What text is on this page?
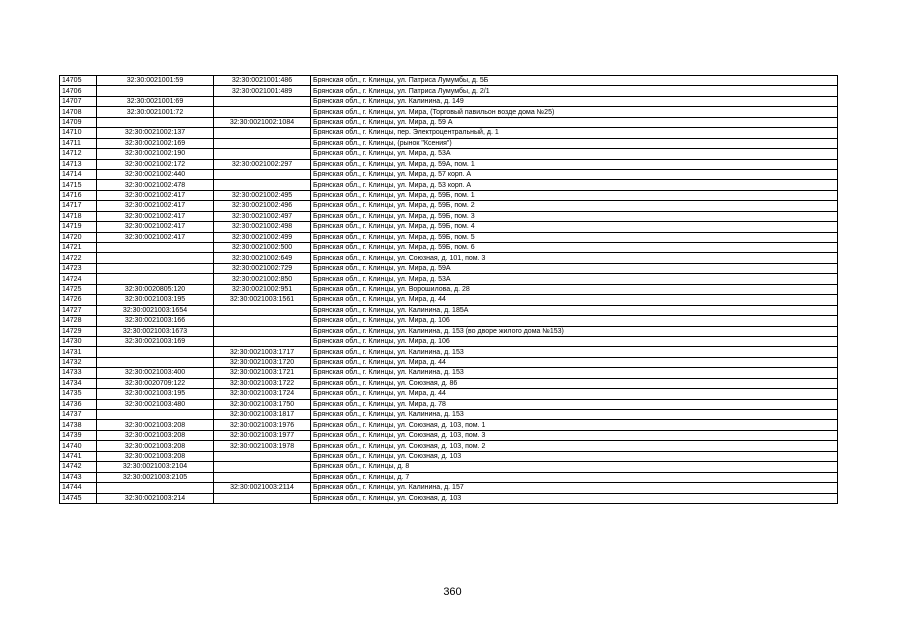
14705	32:30:0021001:59	32:30:0021001:486	Брянская обл., г. Клинцы, ул. Патриса Лумумбы, д. 5Б
14706		32:30:0021001:489	Брянская обл., г. Клинцы, ул. Патриса Лумумбы, д. 2/1
14707	32:30:0021001:69		Брянская обл., г. Клинцы, ул. Калинина, д. 149
14708	32:30:0021001:72		Брянская обл., г. Клинцы, ул. Мира, (Торговый павильон возде дома №25)
14709		32:30:0021002:1084	Брянская обл., г. Клинцы, ул. Мира, д. 59 А
14710	32:30:0021002:137		Брянская обл., г. Клинцы, пер. Электроцентральный, д. 1
14711	32:30:0021002:169		Брянская обл., г. Клинцы, (рынок "Ксения")
14712	32:30:0021002:190		Брянская обл., г. Клинцы, ул. Мира, д. 53А
14713	32:30:0021002:172	32:30:0021002:297	Брянская обл., г. Клинцы, ул. Мира, д. 59А, пом. 1
14714	32:30:0021002:440		Брянская обл., г. Клинцы, ул. Мира, д. 57 корп. А
14715	32:30:0021002:478		Брянская обл., г. Клинцы, ул. Мира, д. 53 корп. А
14716	32:30:0021002:417	32:30:0021002:495	Брянская обл., г. Клинцы, ул. Мира, д. 59Б, пом. 1
14717	32:30:0021002:417	32:30:0021002:496	Брянская обл., г. Клинцы, ул. Мира, д. 59Б, пом. 2
14718	32:30:0021002:417	32:30:0021002:497	Брянская обл., г. Клинцы, ул. Мира, д. 59Б, пом. 3
14719	32:30:0021002:417	32:30:0021002:498	Брянская обл., г. Клинцы, ул. Мира, д. 59Б, пом. 4
14720	32:30:0021002:417	32:30:0021002:499	Брянская обл., г. Клинцы, ул. Мира, д. 59Б, пом. 5
14721		32:30:0021002:500	Брянская обл., г. Клинцы, ул. Мира, д. 59Б, пом. 6
14722		32:30:0021002:649	Брянская обл., г. Клинцы, ул. Союзная, д. 101, пом. 3
14723		32:30:0021002:729	Брянская обл., г. Клинцы, ул. Мира, д. 59А
14724		32:30:0021002:850	Брянская обл., г. Клинцы, ул. Мира, д. 53А
14725	32:30:0020805:120	32:30:0021002:951	Брянская обл., г. Клинцы, ул. Ворошилова, д. 28
14726	32:30:0021003:195	32:30:0021003:1561	Брянская обл., г. Клинцы, ул. Мира, д. 44
14727	32:30:0021003:1654		Брянская обл., г. Клинцы, ул. Калинина, д. 185А
14728	32:30:0021003:166		Брянская обл., г. Клинцы, ул. Мира, д. 106
14729	32:30:0021003:1673		Брянская обл., г. Клинцы, ул. Калинина, д. 153 (во дворе жилого дома №153)
14730	32:30:0021003:169		Брянская обл., г. Клинцы, ул. Мира, д. 106
14731		32:30:0021003:1717	Брянская обл., г. Клинцы, ул. Калинина, д. 153
14732		32:30:0021003:1720	Брянская обл., г. Клинцы, ул. Мира, д. 44
14733	32:30:0021003:400	32:30:0021003:1721	Брянская обл., г. Клинцы, ул. Калинина, д. 153
14734	32:30:0020709:122	32:30:0021003:1722	Брянская обл., г. Клинцы, ул. Союзная, д. 86
14735	32:30:0021003:195	32:30:0021003:1724	Брянская обл., г. Клинцы, ул. Мира, д. 44
14736	32:30:0021003:480	32:30:0021003:1750	Брянская обл., г. Клинцы, ул. Мира, д. 78
14737		32:30:0021003:1817	Брянская обл., г. Клинцы, ул. Калинина, д. 153
14738	32:30:0021003:208	32:30:0021003:1976	Брянская обл., г. Клинцы, ул. Союзная, д. 103, пом. 1
14739	32:30:0021003:208	32:30:0021003:1977	Брянская обл., г. Клинцы, ул. Союзная, д. 103, пом. 3
14740	32:30:0021003:208	32:30:0021003:1978	Брянская обл., г. Клинцы, ул. Союзная, д. 103, пом. 2
14741	32:30:0021003:208		Брянская обл., г. Клинцы, ул. Союзная, д. 103
14742	32:30:0021003:2104		Брянская обл., г. Клинцы, д. 8
14743	32:30:0021003:2105		Брянская обл., г. Клинцы, д. 7
14744		32:30:0021003:2114	Брянская обл., г. Клинцы, ул. Калинина, д. 157
14745	32:30:0021003:214		Брянская обл., г. Клинцы, ул. Союзная, д. 103
360
